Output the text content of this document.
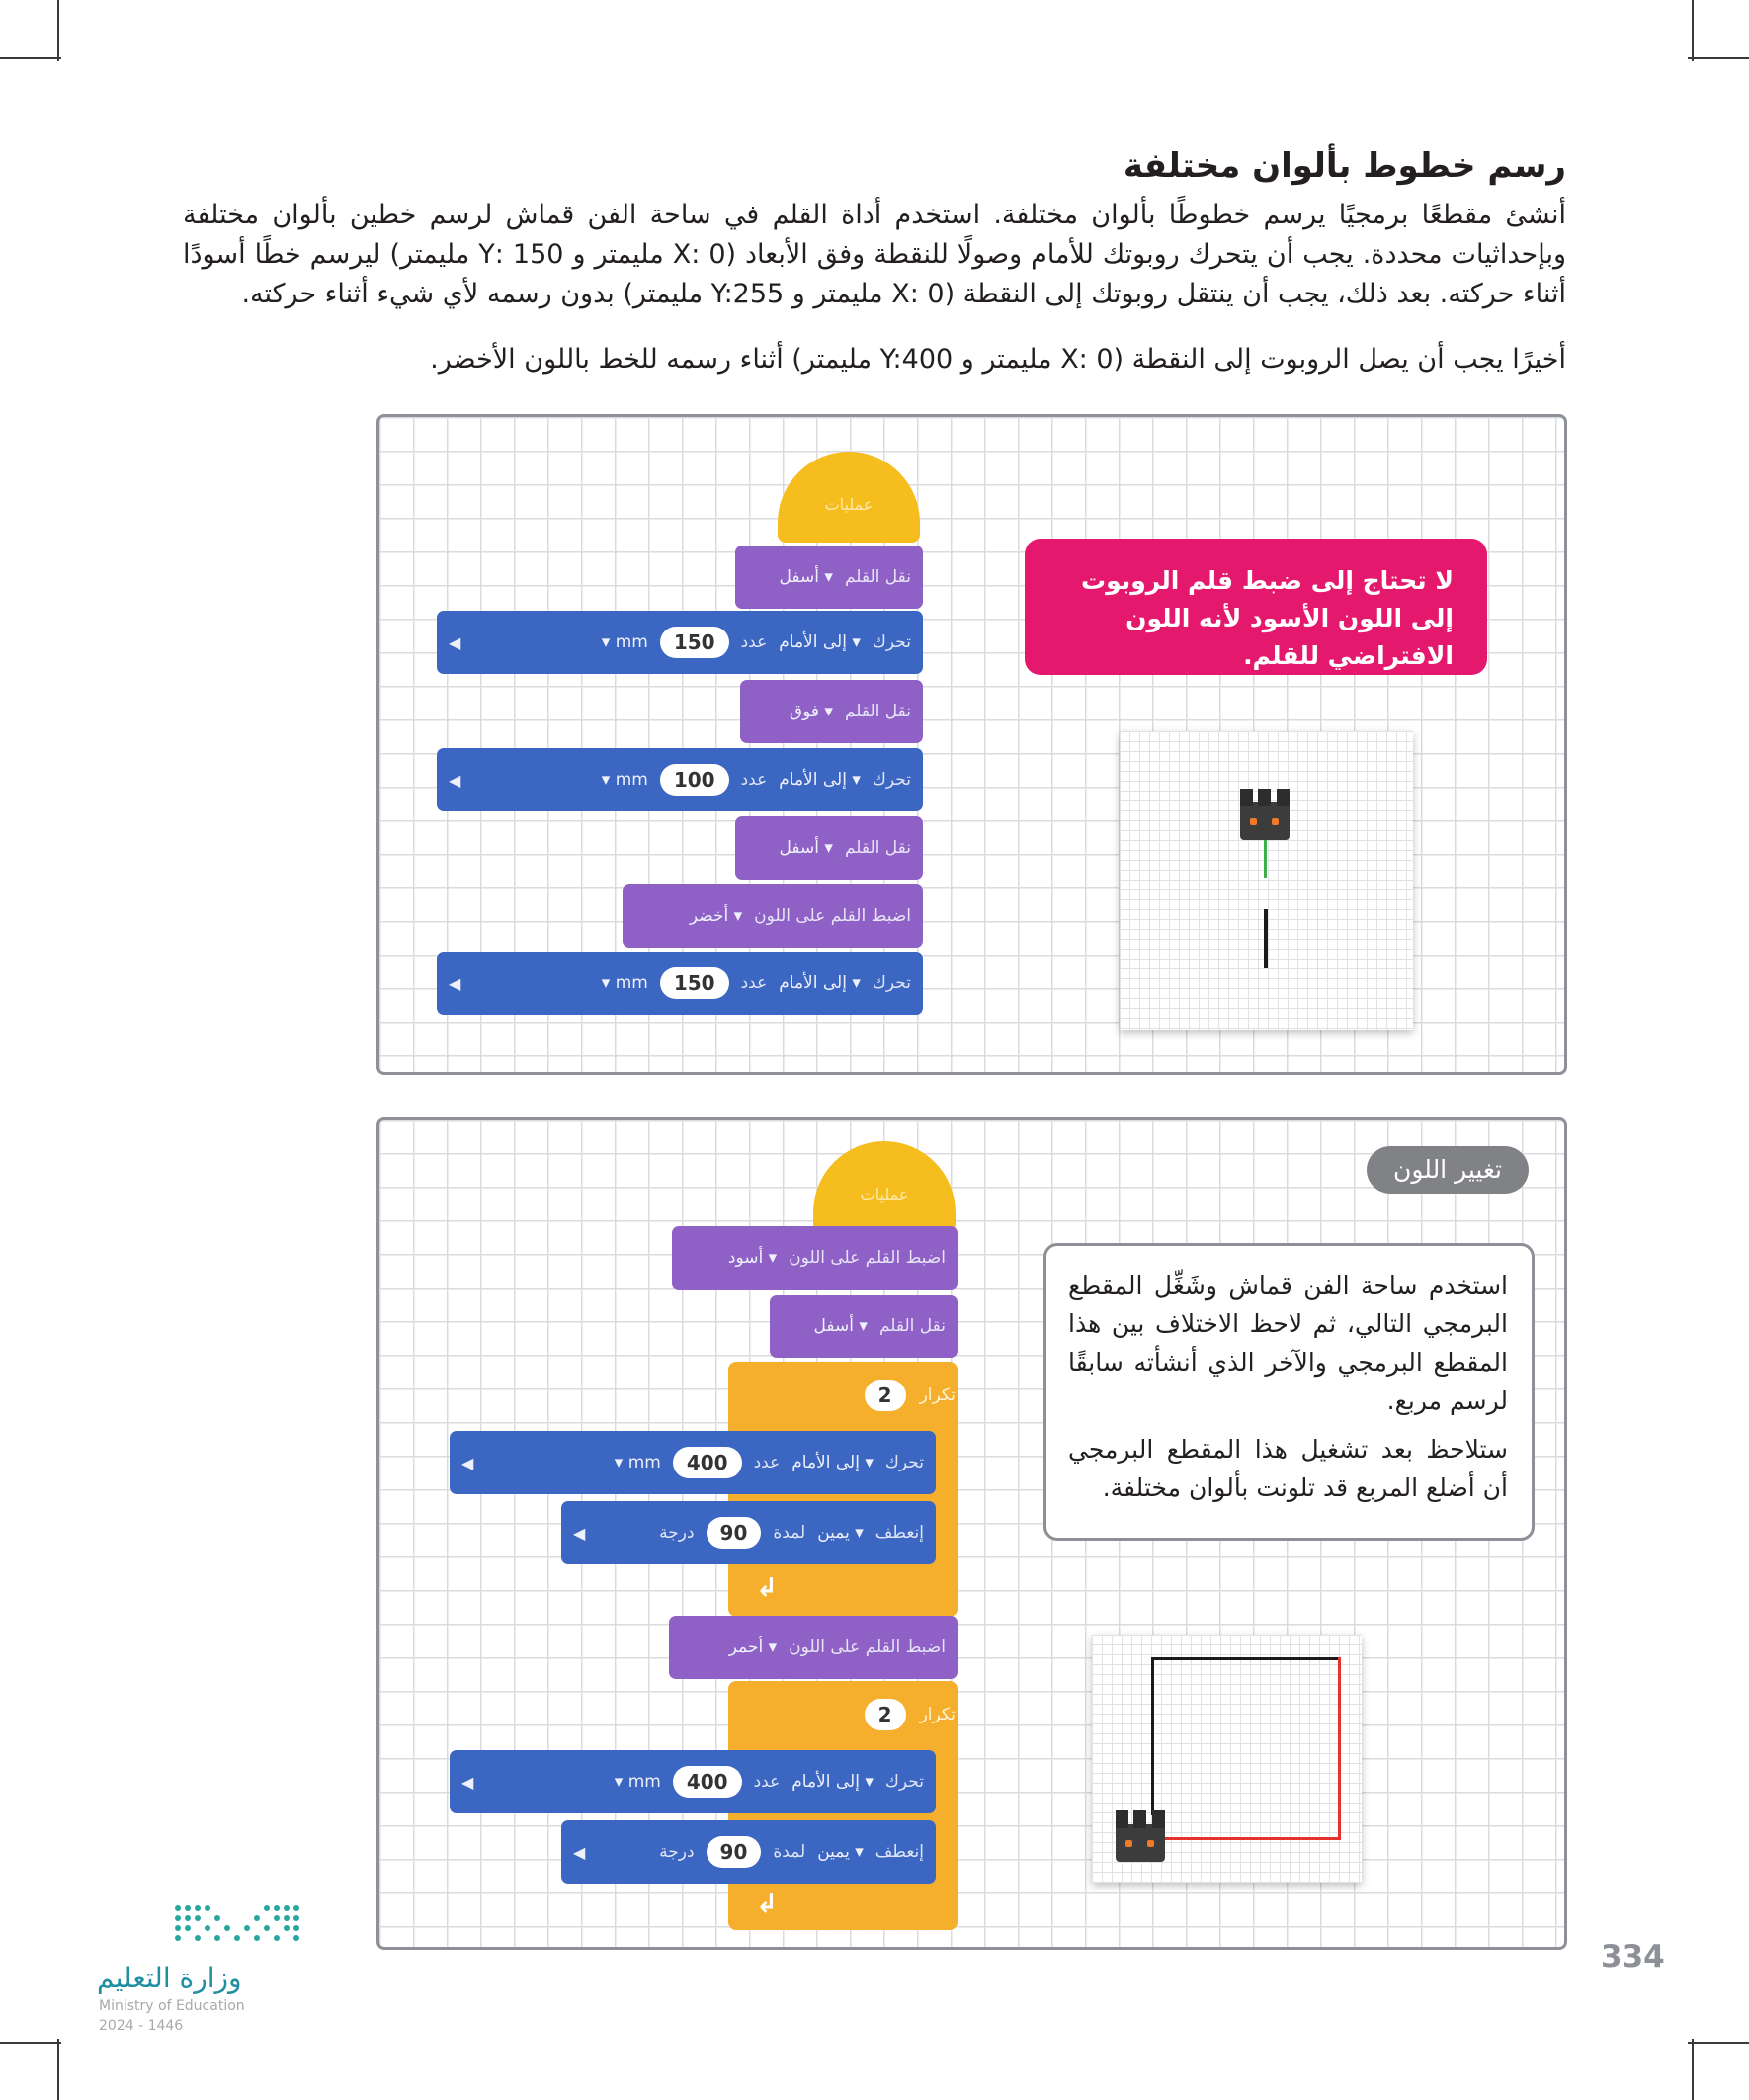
رسم خطوط بألوان مختلفة

أنشئ مقطعًا برمجيًا يرسم خطوطًا بألوان مختلفة. استخدم أداة القلم في ساحة الفن قماش لرسم خطين بألوان مختلفة وبإحداثيات محددة. يجب أن يتحرك روبوتك للأمام وصولًا للنقطة وفق الأبعاد (X: 0 مليمتر و 150 :Y مليمتر) ليرسم خطًا أسودًا أثناء حركته. بعد ذلك، يجب أن ينتقل روبوتك إلى النقطة (X: 0 مليمتر و Y:255 مليمتر) بدون رسمه لأي شيء أثناء حركته.

أخيرًا يجب أن يصل الروبوت إلى النقطة (X: 0 مليمتر و Y:400 مليمتر) أثناء رسمه للخط باللون الأخضر.

عمليات
أسفل ▾ نقل القلم
◀	▾ mm	150	عدد إلى الأمام ▾ تحرك
فوق ▾ نقل القلم
◀	▾ mm	100	عدد إلى الأمام ▾ تحرك
أسفل ▾ نقل القلم
أخضر ▾ اضبط القلم على اللون
◀	▾ mm	150	عدد إلى الأمام ▾ تحرك
لا تحتاج إلى ضبط قلم الروبوت إلى اللون الأسود لأنه اللون الافتراضي للقلم.
تغيير اللون
عمليات
أسود ▾ اضبط القلم على اللون
أسفل ▾ نقل القلم
2	تكرار
◀	▾ mm	400	عدد إلى الأمام ▾ تحرك
◀	درجة	90	لمدة يمين ▾ إنعطف
↲
أحمر ▾ اضبط القلم على اللون
2	تكرار
◀	▾ mm	400	عدد إلى الأمام ▾ تحرك
◀	درجة	90	لمدة يمين ▾ إنعطف
↲

استخدم ساحة الفن قماش وشَغِّل المقطع البرمجي التالي، ثم لاحظ الاختلاف بين هذا المقطع البرمجي والآخر الذي أنشأته سابقًا لرسم مربع.

ستلاحظ بعد تشغيل هذا المقطع البرمجي أن أضلع المربع قد تلونت بألوان مختلفة.

وزارة التعليم
Ministry of Education
2024 - 1446
334
